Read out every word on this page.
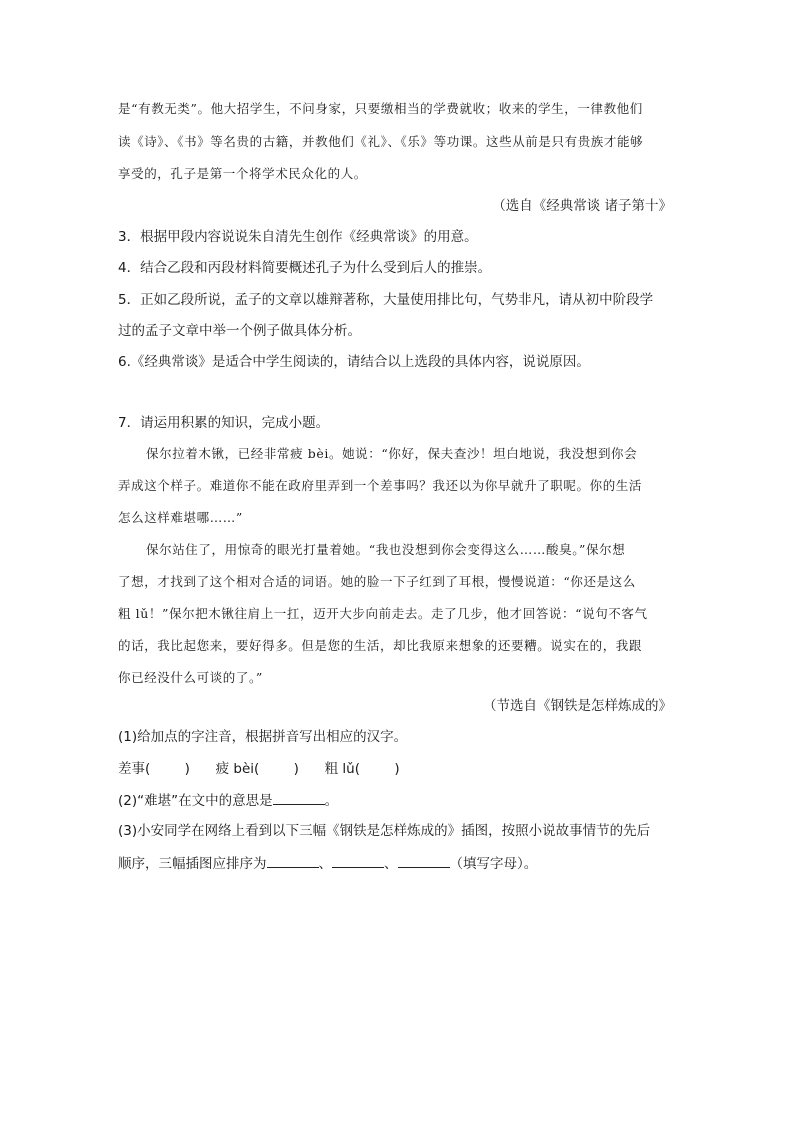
是“有教无类”。他大招学生，不问身家，只要缴相当的学费就收；收来的学生，一律教他们
读《诗》、《书》等名贵的古籍，并教他们《礼》、《乐》等功课。这些从前是只有贵族才能够
享受的，孔子是第一个将学术民众化的人。
（选自《经典常谈 诸子第十》
3．根据甲段内容说说朱自清先生创作《经典常谈》的用意。
4．结合乙段和丙段材料简要概述孔子为什么受到后人的推崇。
5．正如乙段所说，孟子的文章以雄辩著称，大量使用排比句，气势非凡，请从初中阶段学
过的孟子文章中举一个例子做具体分析。
6.《经典常谈》是适合中学生阅读的，请结合以上选段的具体内容，说说原因。
7．请运用积累的知识，完成小题。
保尔拉着木锹，已经非常疲 bèi。她说：“你好，保夫查沙！坦白地说，我没想到你会
弄成这个样子。难道你不能在政府里弄到一个差事吗？我还以为你早就升了职呢。你的生活
怎么这样难堪哪……”
保尔站住了，用惊奇的眼光打量着她。“我也没想到你会变得这么……酸臭。”保尔想
了想，才找到了这个相对合适的词语。她的脸一下子红到了耳根，慢慢说道：“你还是这么
粗 lǔ！”保尔把木锹往肩上一扛，迈开大步向前走去。走了几步，他才回答说：“说句不客气
的话，我比起您来，要好得多。但是您的生活，却比我原来想象的还要糟。说实在的，我跟
你已经没什么可谈的了。”
（节选自《钢铁是怎样炼成的》
(1)给加点的字注音，根据拼音写出相应的汉字。
差事(        )      疲 bèi(        )      粗 lǔ(        )
(2)“难堪”在文中的意思是	。
(3)小安同学在网络上看到以下三幅《钢铁是怎样炼成的》插图，按照小说故事情节的先后
顺序，三幅插图应排序为	、	、	（填写字母）。
